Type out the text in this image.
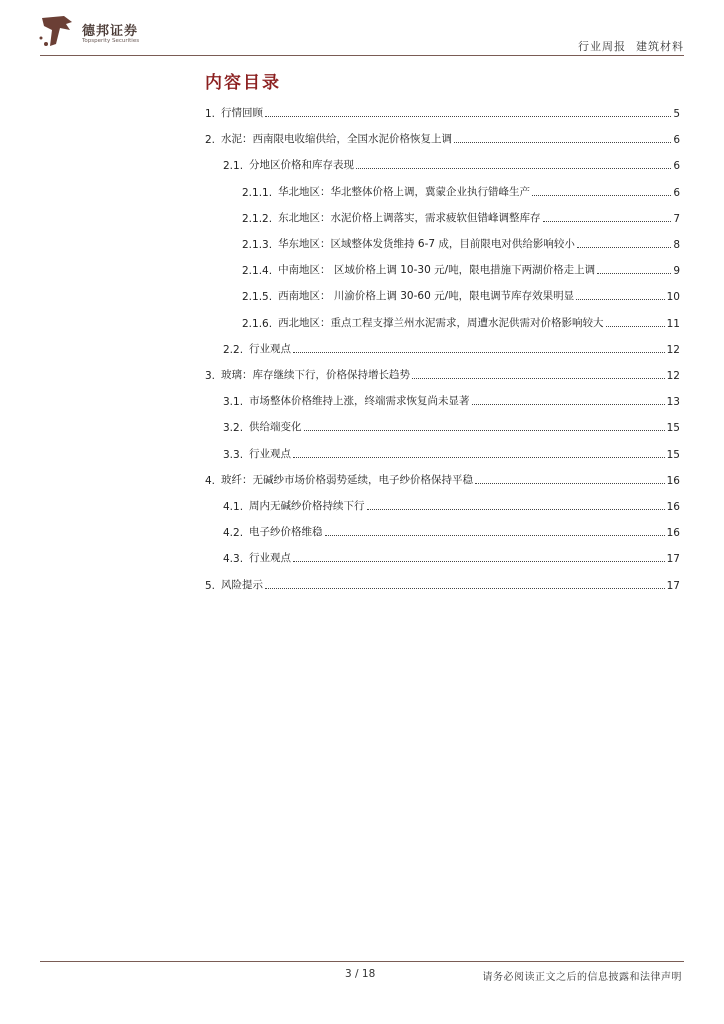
德邦证券
Topsperity Securities	行业周报 建筑材料
内容目录
1. 行情回顾	5
2. 水泥：西南限电收缩供给，全国水泥价格恢复上调	6
2.1. 分地区价格和库存表现	6
2.1.1. 华北地区：华北整体价格上调，冀蒙企业执行错峰生产	6
2.1.2. 东北地区：水泥价格上调落实，需求疲软但错峰调整库存	7
2.1.3. 华东地区：区域整体发货维持 6-7 成，目前限电对供给影响较小	8
2.1.4. 中南地区： 区域价格上调 10-30 元/吨，限电措施下两湖价格走上调	9
2.1.5. 西南地区： 川渝价格上调 30-60 元/吨，限电调节库存效果明显	10
2.1.6. 西北地区：重点工程支撑兰州水泥需求，周遭水泥供需对价格影响较大	11
2.2. 行业观点	12
3. 玻璃：库存继续下行，价格保持增长趋势	12
3.1. 市场整体价格维持上涨，终端需求恢复尚未显著	13
3.2. 供给端变化	15
3.3. 行业观点	15
4. 玻纤：无碱纱市场价格弱势延续，电子纱价格保持平稳	16
4.1. 周内无碱纱价格持续下行	16
4.2. 电子纱价格维稳	16
4.3. 行业观点	17
5. 风险提示	17
3 / 18	请务必阅读正文之后的信息披露和法律声明
